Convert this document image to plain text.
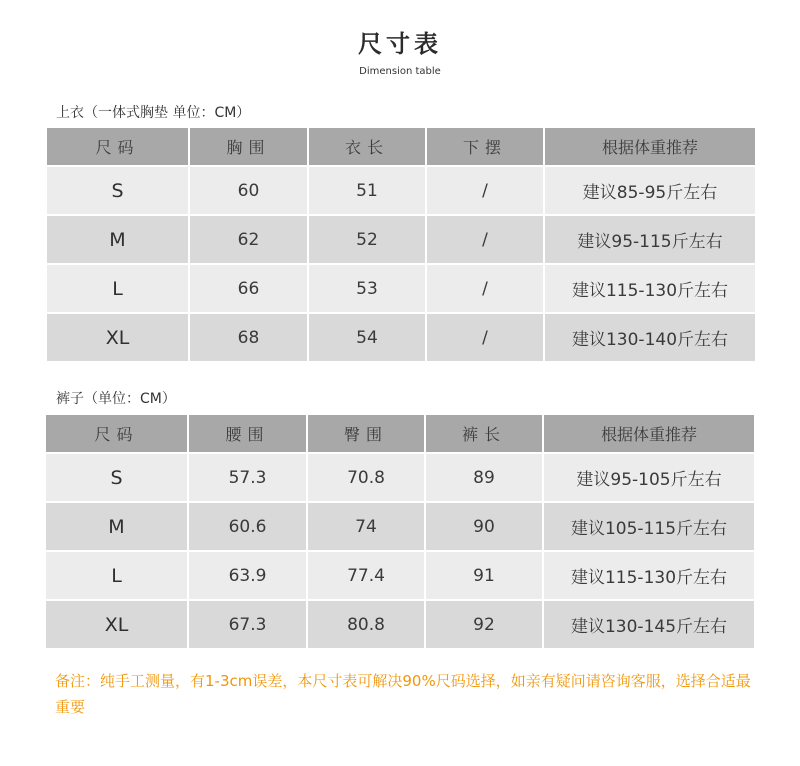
尺寸表
Dimension table
上衣（一体式胸垫 单位：CM）
尺码	胸围	衣长	下摆	根据体重推荐
S	60	51	/	建议85-95斤左右
M	62	52	/	建议95-115斤左右
L	66	53	/	建议115-130斤左右
XL	68	54	/	建议130-140斤左右
裤子（单位：CM）
尺码	腰围	臀围	裤长	根据体重推荐
S	57.3	70.8	89	建议95-105斤左右
M	60.6	74	90	建议105-115斤左右
L	63.9	77.4	91	建议115-130斤左右
XL	67.3	80.8	92	建议130-145斤左右
备注：纯手工测量，有1-3cm误差，本尺寸表可解决90%尺码选择，如亲有疑问请咨询客服，选择合适最重要
